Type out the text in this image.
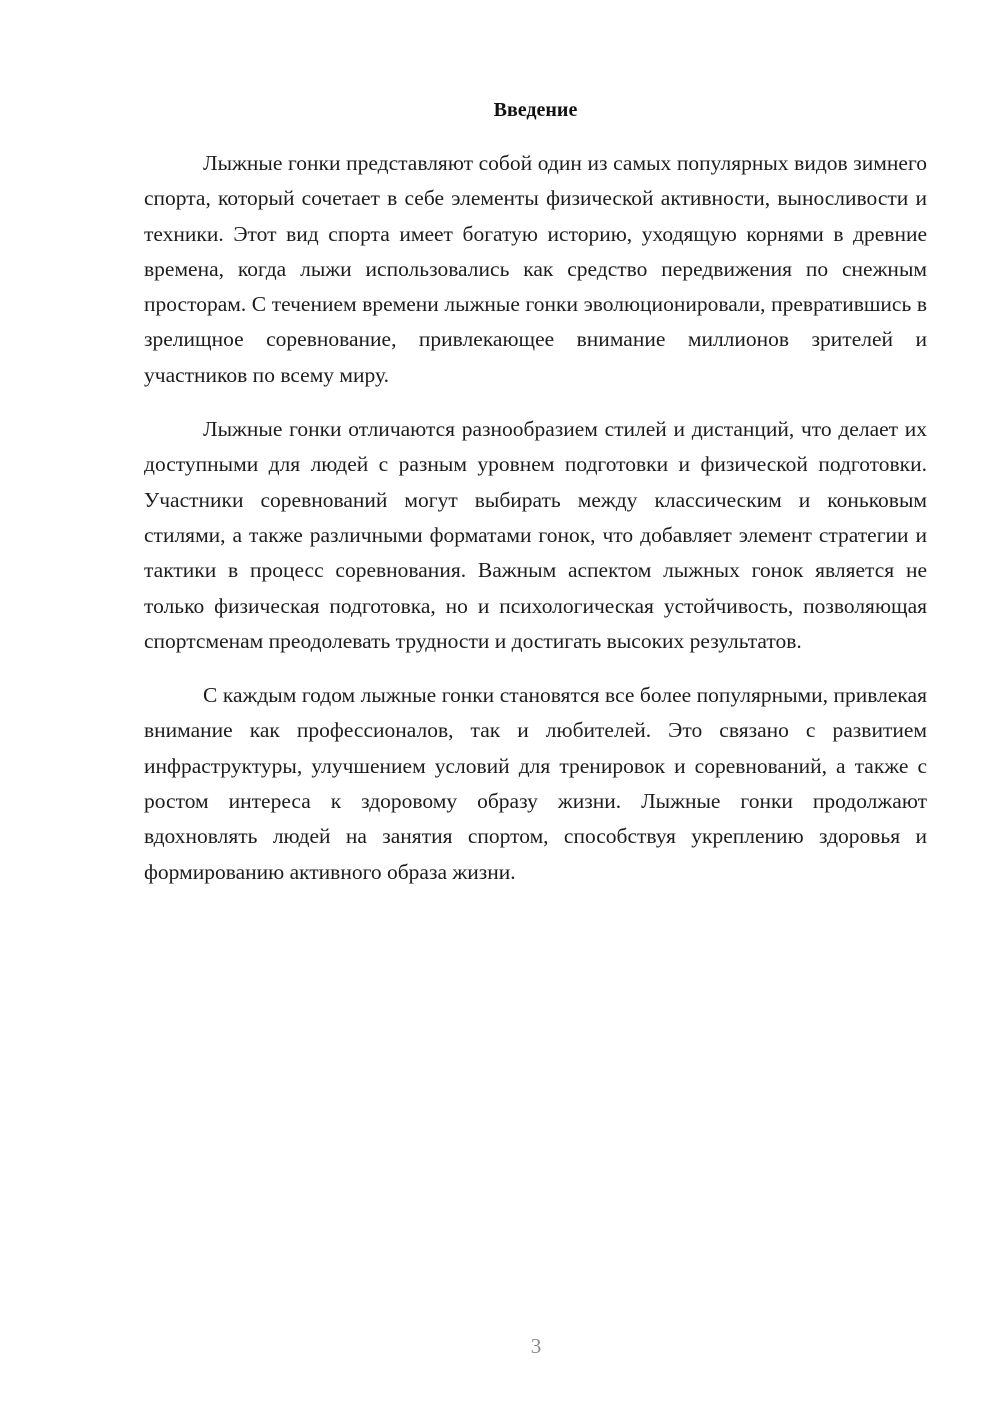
Введение

Лыжные гонки представляют собой один из самых популярных видов зимнего спорта, который сочетает в себе элементы физической активности, выносливости и техники. Этот вид спорта имеет богатую историю, уходящую корнями в древние времена, когда лыжи использовались как средство передвижения по снежным просторам. С течением времени лыжные гонки эволюционировали, превратившись в зрелищное соревнование, привлекающее внимание миллионов зрителей и участников по всему миру.

Лыжные гонки отличаются разнообразием стилей и дистанций, что делает их доступными для людей с разным уровнем подготовки и физической подготовки. Участники соревнований могут выбирать между классическим и коньковым стилями, а также различными форматами гонок, что добавляет элемент стратегии и тактики в процесс соревнования. Важным аспектом лыжных гонок является не только физическая подготовка, но и психологическая устойчивость, позволяющая спортсменам преодолевать трудности и достигать высоких результатов.

С каждым годом лыжные гонки становятся все более популярными, привлекая внимание как профессионалов, так и любителей. Это связано с развитием инфраструктуры, улучшением условий для тренировок и соревнований, а также с ростом интереса к здоровому образу жизни. Лыжные гонки продолжают вдохновлять людей на занятия спортом, способствуя укреплению здоровья и формированию активного образа жизни.

3
